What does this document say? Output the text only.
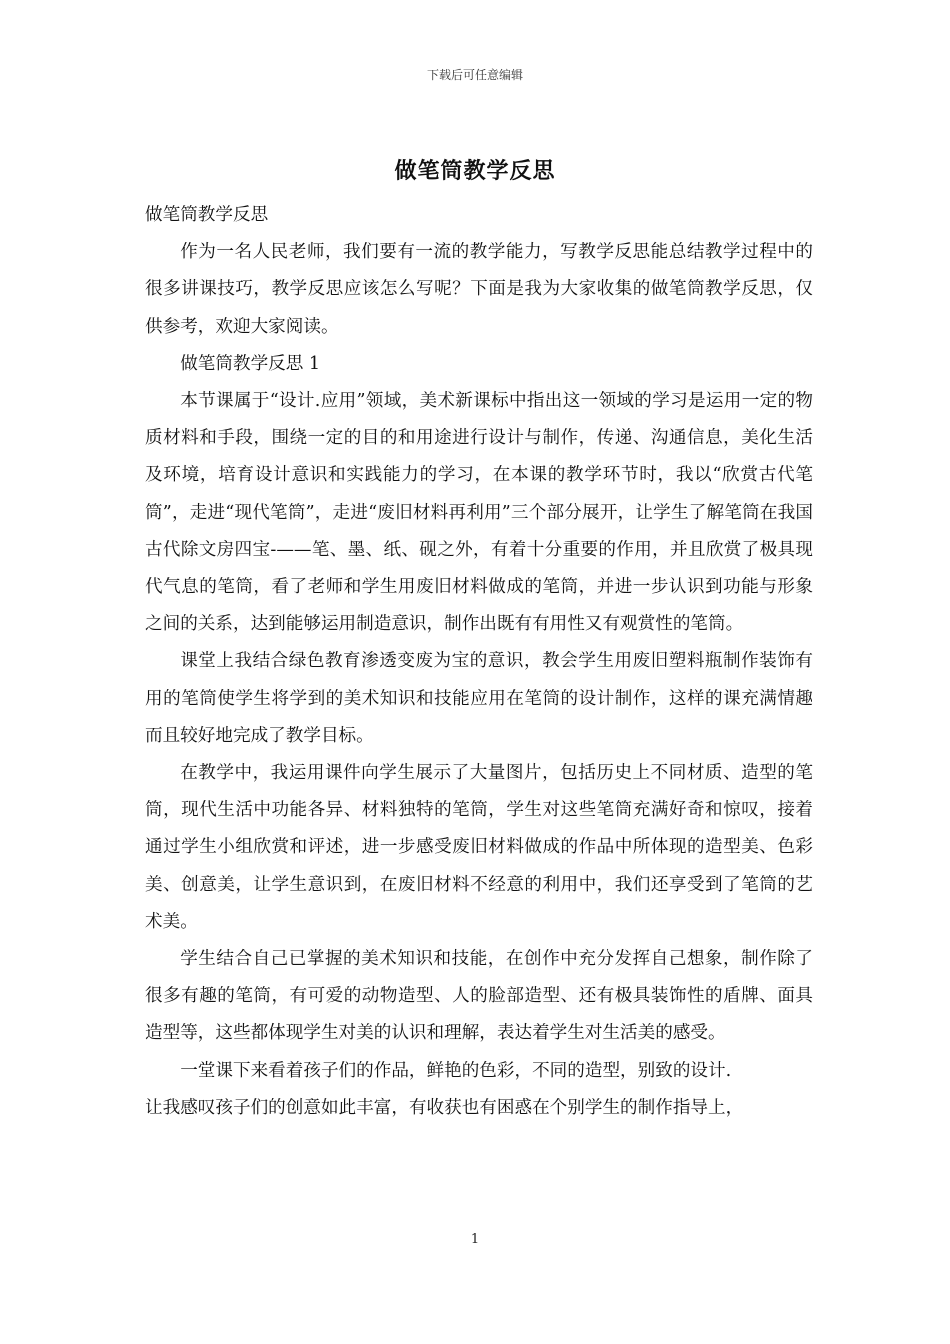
下载后可任意编辑
做笔筒教学反思

做笔筒教学反思

作为一名人民老师，我们要有一流的教学能力，写教学反思能总结教学过程中的很多讲课技巧，教学反思应该怎么写呢？下面是我为大家收集的做笔筒教学反思，仅供参考，欢迎大家阅读。

做笔筒教学反思 1

本节课属于“设计.应用”领域，美术新课标中指出这一领域的学习是运用一定的物质材料和手段，围绕一定的目的和用途进行设计与制作，传递、沟通信息，美化生活及环境，培育设计意识和实践能力的学习，在本课的教学环节时，我以“欣赏古代笔筒”，走进“现代笔筒”，走进“废旧材料再利用”三个部分展开，让学生了解笔筒在我国古代除文房四宝-——笔、墨、纸、砚之外，有着十分重要的作用，并且欣赏了极具现代气息的笔筒，看了老师和学生用废旧材料做成的笔筒，并进一步认识到功能与形象之间的关系，达到能够运用制造意识，制作出既有有用性又有观赏性的笔筒。

课堂上我结合绿色教育渗透变废为宝的意识，教会学生用废旧塑料瓶制作装饰有用的笔筒使学生将学到的美术知识和技能应用在笔筒的设计制作，这样的课充满情趣而且较好地完成了教学目标。

在教学中，我运用课件向学生展示了大量图片，包括历史上不同材质、造型的笔筒，现代生活中功能各异、材料独特的笔筒，学生对这些笔筒充满好奇和惊叹，接着通过学生小组欣赏和评述，进一步感受废旧材料做成的作品中所体现的造型美、色彩美、创意美，让学生意识到，在废旧材料不经意的利用中，我们还享受到了笔筒的艺术美。

学生结合自己已掌握的美术知识和技能，在创作中充分发挥自己想象，制作除了很多有趣的笔筒，有可爱的动物造型、人的脸部造型、还有极具装饰性的盾牌、面具造型等，这些都体现学生对美的认识和理解，表达着学生对生活美的感受。

一堂课下来看着孩子们的作品，鲜艳的色彩，不同的造型，别致的设计.

让我感叹孩子们的创意如此丰富，有收获也有困惑在个别学生的制作指导上，

1
